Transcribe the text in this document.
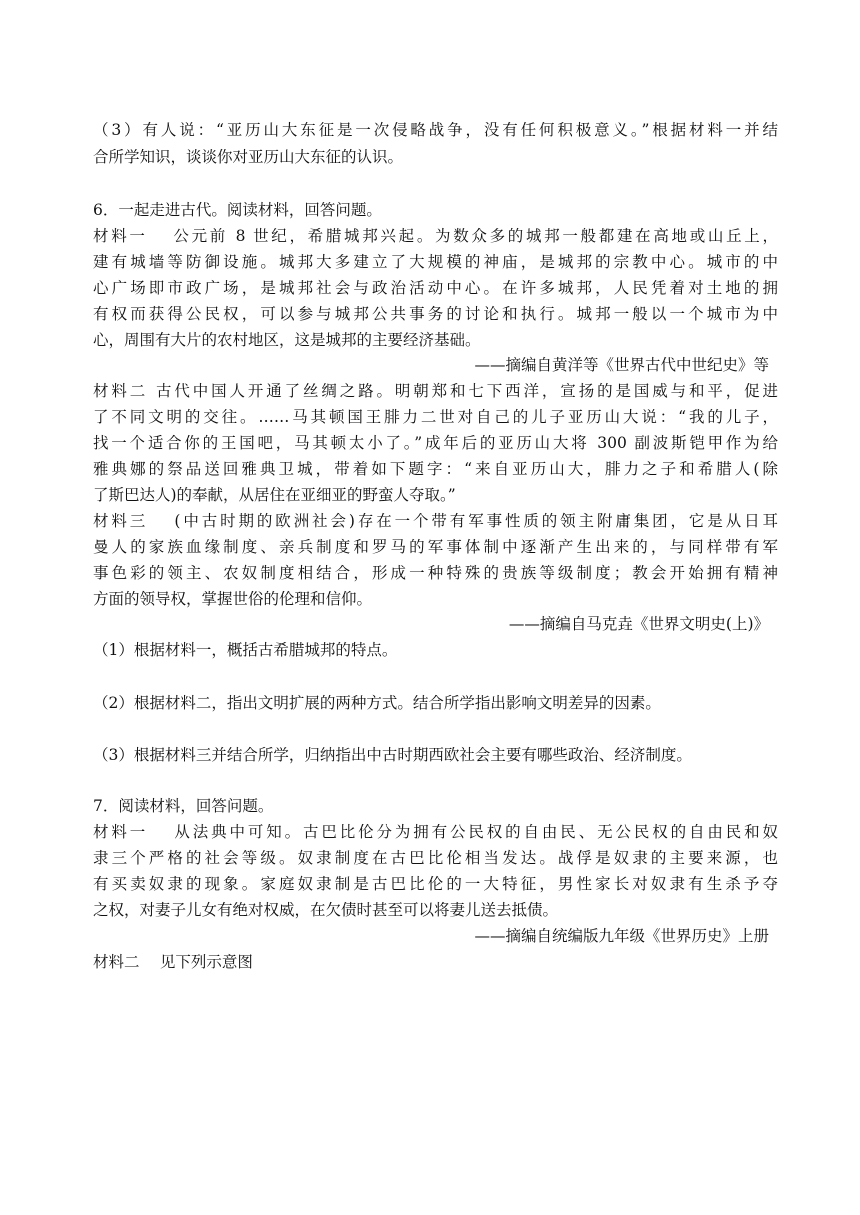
（3）有人说：“亚历山大东征是一次侵略战争，没有任何积极意义。”根据材料一并结
合所学知识，谈谈你对亚历山大东征的认识。
6．一起走进古代。阅读材料，回答问题。
材料一　 公元前 8 世纪，希腊城邦兴起。为数众多的城邦一般都建在高地或山丘上，
建有城墙等防御设施。城邦大多建立了大规模的神庙，是城邦的宗教中心。城市的中
心广场即市政广场，是城邦社会与政治活动中心。在许多城邦，人民凭着对土地的拥
有权而获得公民权，可以参与城邦公共事务的讨论和执行。城邦一般以一个城市为中
心，周围有大片的农村地区，这是城邦的主要经济基础。
——摘编自黄洋等《世界古代中世纪史》等
材料二 古代中国人开通了丝绸之路。明朝郑和七下西洋，宣扬的是国威与和平，促进
了不同文明的交往。……马其顿国王腓力二世对自己的儿子亚历山大说：“我的儿子，
找一个适合你的王国吧，马其顿太小了。”成年后的亚历山大将 300 副波斯铠甲作为给
雅典娜的祭品送回雅典卫城，带着如下题字：“来自亚历山大，腓力之子和希腊人(除
了斯巴达人)的奉献，从居住在亚细亚的野蛮人夺取。”
材料三　 (中古时期的欧洲社会)存在一个带有军事性质的领主附庸集团，它是从日耳
曼人的家族血缘制度、亲兵制度和罗马的军事体制中逐渐产生出来的，与同样带有军
事色彩的领主、农奴制度相结合，形成一种特殊的贵族等级制度；教会开始拥有精神
方面的领导权，掌握世俗的伦理和信仰。
——摘编自马克垚《世界文明史(上)》
（1）根据材料一，概括古希腊城邦的特点。
（2）根据材料二，指出文明扩展的两种方式。结合所学指出影响文明差异的因素。
（3）根据材料三并结合所学，归纳指出中古时期西欧社会主要有哪些政治、经济制度。
7．阅读材料，回答问题。
材料一　 从法典中可知。古巴比伦分为拥有公民权的自由民、无公民权的自由民和奴
隶三个严格的社会等级。奴隶制度在古巴比伦相当发达。战俘是奴隶的主要来源，也
有买卖奴隶的现象。家庭奴隶制是古巴比伦的一大特征，男性家长对奴隶有生杀予夺
之权，对妻子儿女有绝对权威，在欠债时甚至可以将妻儿送去抵债。
——摘编自统编版九年级《世界历史》上册
材料二　 见下列示意图
